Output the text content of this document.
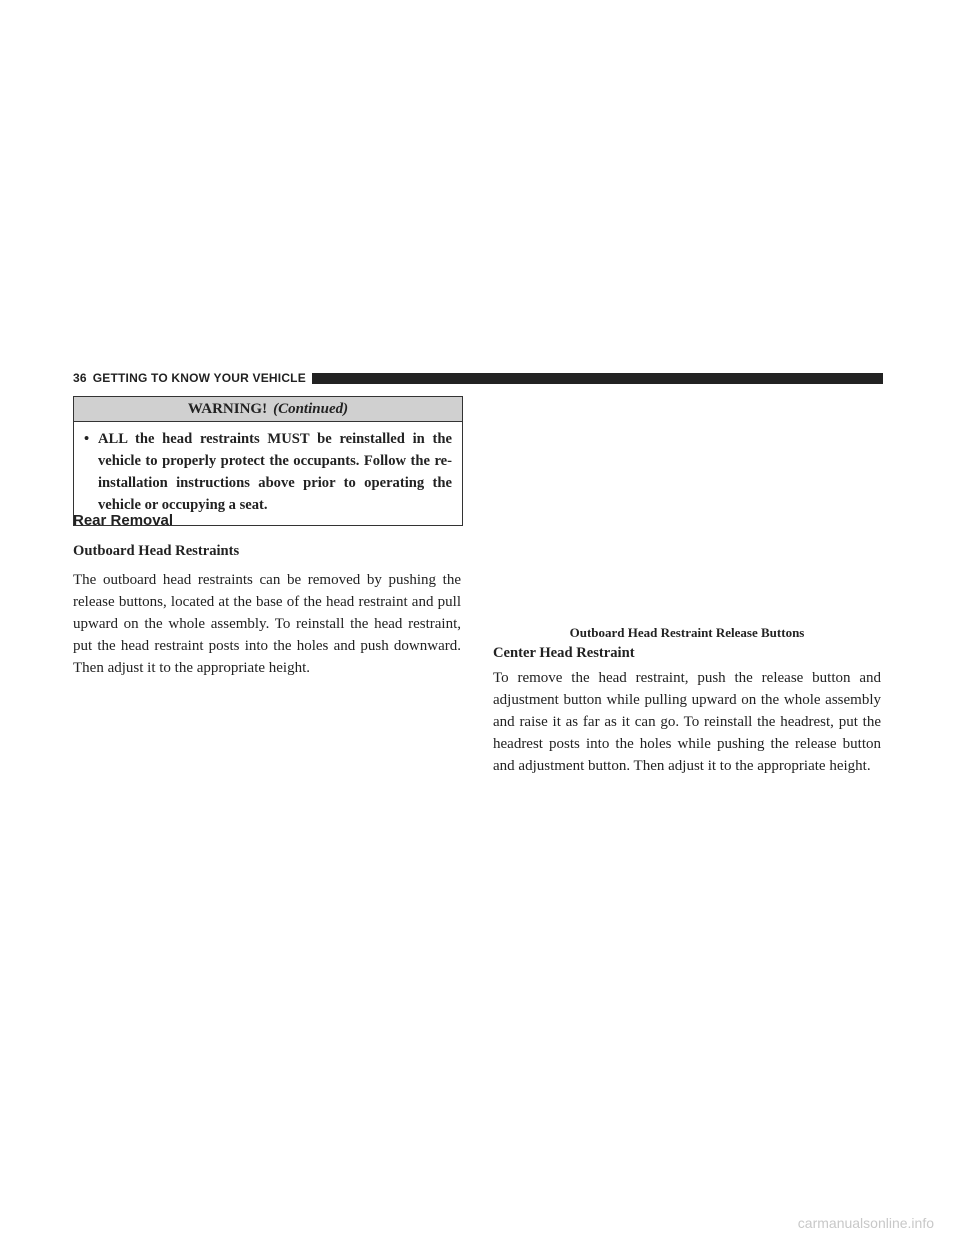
36 GETTING TO KNOW YOUR VEHICLE
WARNING! (Continued)
• ALL the head restraints MUST be reinstalled in the vehicle to properly protect the occupants. Follow the re-installation instructions above prior to operating the vehicle or occupying a seat.
Rear Removal
Outboard Head Restraints
The outboard head restraints can be removed by pushing the release buttons, located at the base of the head restraint and pull upward on the whole assembly. To reinstall the head restraint, put the head restraint posts into the holes and push downward. Then adjust it to the appropriate height.
Outboard Head Restraint Release Buttons
Center Head Restraint
To remove the head restraint, push the release button and adjustment button while pulling upward on the whole assembly and raise it as far as it can go. To reinstall the headrest, put the headrest posts into the holes while pushing the release button and adjustment button. Then adjust it to the appropriate height.
carmanualsonline.info
